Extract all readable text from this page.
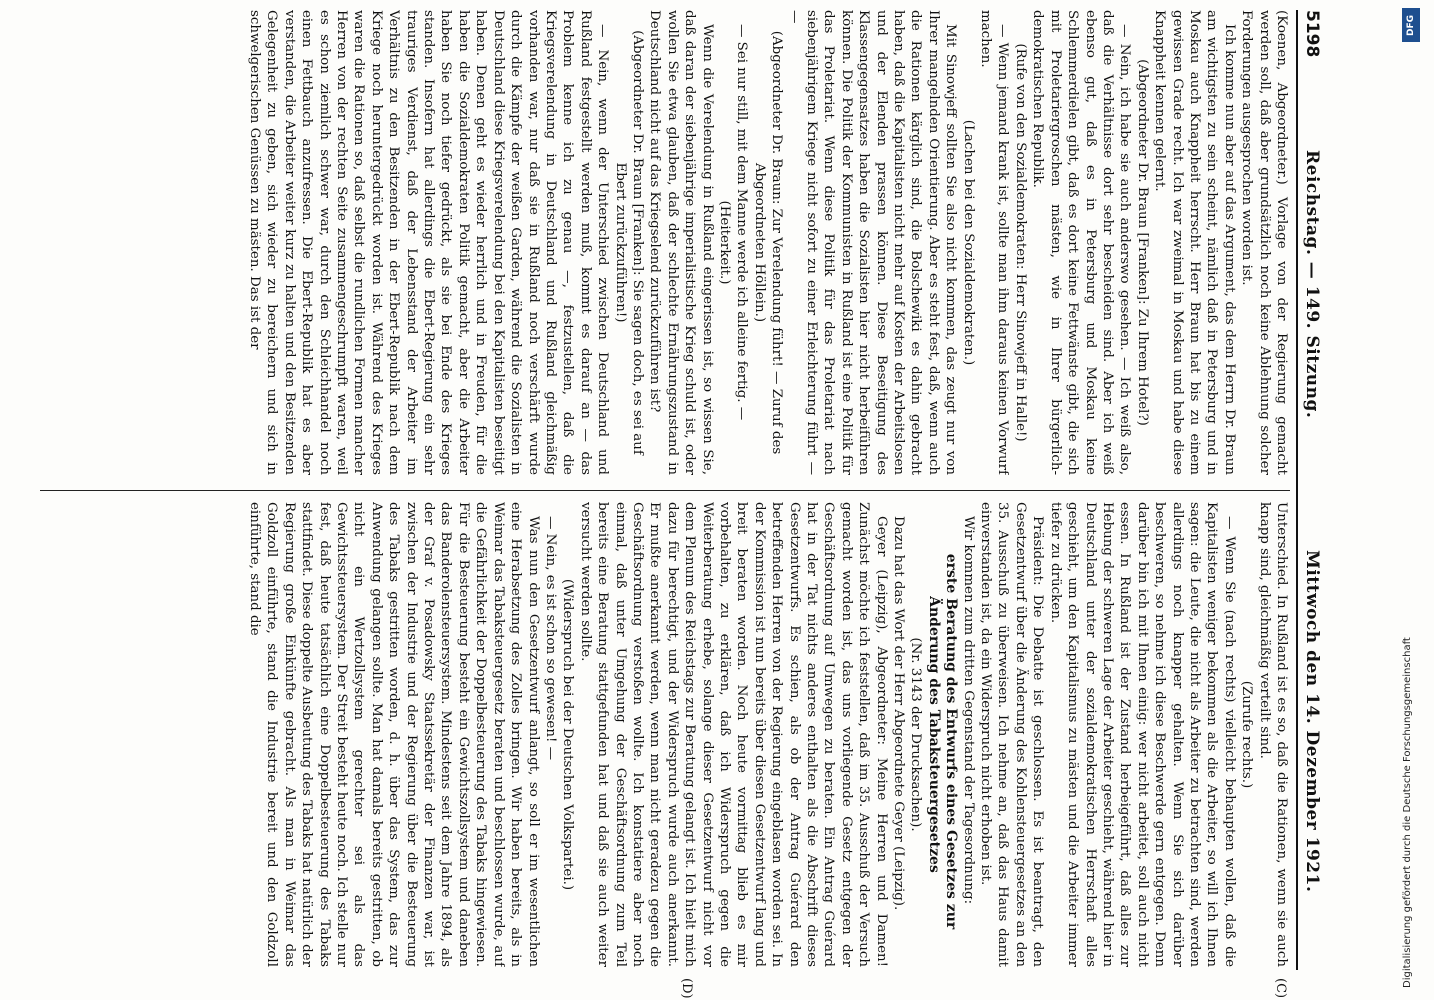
5198
Reichstag. — 149. Sitzung.
Mittwoch den 14. Dezember 1921.
(C)
(D)

(Koenen, Abgeordneter.) Vorlage von der Regierung gemacht werden soll, daß aber grundsätzlich noch keine Ablehnung solcher Forderungen ausgesprochen worden ist.

Ich komme nun aber auf das Argument, das dem Herrn Dr. Braun am wichtigsten zu sein scheint, nämlich daß in Petersburg und in Moskau auch Knappheit herrscht. Herr Braun hat bis zu einem gewissen Grade recht. Ich war zweimal in Moskau und habe diese Knappheit kennen gelernt.

(Abgeordneter Dr. Braun [Franken]: Zu Ihrem Hotel?)

— Nein, ich habe sie auch anderswo gesehen. — Ich weiß also, daß die Verhältnisse dort sehr bescheiden sind. Aber ich weiß ebenso gut, daß es in Petersburg und Moskau keine Schlemmerdielen gibt, daß es dort keine Fettwänste gibt, die sich mit Proletariergroschen mästen, wie in Ihrer bürgerlich-demokratischen Republik.

(Rufe von den Sozialdemokraten: Herr Sinowjeff in Halle!)

— Wenn jemand krank ist, sollte man ihm daraus keinen Vorwurf machen.

(Lachen bei den Sozialdemokraten.)

Mit Sinowjeff sollten Sie also nicht kommen, das zeugt nur von Ihrer mangelnden Orientierung. Aber es steht fest, daß, wenn auch die Rationen kärglich sind, die Bolschewiki es dahin gebracht haben, daß die Kapitalisten nicht mehr auf Kosten der Arbeitslosen und der Elenden prassen können. Diese Beseitigung des Klassengegensatzes haben die Sozialisten hier nicht herbeiführen können. Die Politik der Kommunisten in Rußland ist eine Politik für das Proletariat. Wenn diese Politik für das Proletariat nach siebenjährigem Kriege nicht sofort zu einer Erleichterung führt — —

(Abgeordneter Dr. Braun: Zur Verelendung führt! — Zuruf des Abgeordneten Höllein.)

— Sei nur still, mit dem Manne werde ich alleine fertig. —

(Heiterkeit.)

Wenn die Verelendung in Rußland eingerissen ist, so wissen Sie, daß daran der siebenjährige imperialistische Krieg schuld ist, oder wollen Sie etwa glauben, daß der schlechte Ernährungszustand in Deutschland nicht auf das Kriegselend zurückzuführen ist?

(Abgeordneter Dr. Braun [Franken]: Sie sagen doch, es sei auf Ebert zurückzuführen!)

— Nein, wenn der Unterschied zwischen Deutschland und Rußland festgestellt werden muß, kommt es darauf an — das Problem kenne ich zu genau —, festzustellen, daß die Kriegsverelendung in Deutschland und Rußland gleichmäßig vorhanden war, nur daß sie in Rußland noch verschärft wurde durch die Kämpfe der weißen Garden, während die Sozialisten in Deutschland diese Kriegsverelendung bei den Kapitalisten beseitigt haben. Denen geht es wieder herrlich und in Freuden, für die haben die Sozialdemokraten Politik gemacht, aber die Arbeiter haben Sie noch tiefer gedrückt, als sie bei Ende des Krieges standen. Insofern hat allerdings die Ebert-Regierung ein sehr trauriges Verdienst, daß der Lebensstand der Arbeiter im Verhältnis zu den Besitzenden in der Ebert-Republik nach dem Kriege noch heruntergedrückt worden ist. Während des Krieges waren die Rationen so, daß selbst die rundlichen Formen mancher Herren von der rechten Seite zusammengeschrumpft waren, weil es schon ziemlich schwer war, durch den Schleichhandel noch einen Fettbauch anzufressen. Die Ebert-Republik hat es aber verstanden, die Arbeiter weiter kurz zu halten und den Besitzenden Gelegenheit zu geben, sich wieder zu bereichern und sich in schwelgerischen Genüssen zu mästen. Das ist der

Unterschied. In Rußland ist es so, daß die Rationen, wenn sie auch knapp sind, gleichmäßig verteilt sind.

(Zurufe rechts.)

— Wenn Sie (nach rechts) vielleicht behaupten wollen, daß die Kapitalisten weniger bekommen als die Arbeiter, so will ich Ihnen sagen: die Leute, die nicht als Arbeiter zu betrachten sind, werden allerdings noch knapper gehalten. Wenn Sie sich darüber beschweren, so nehme ich diese Beschwerde gern entgegen. Denn darüber bin ich mit Ihnen einig: wer nicht arbeitet, soll auch nicht essen. In Rußland ist der Zustand herbeigeführt, daß alles zur Hebung der schweren Lage der Arbeiter geschieht, während hier in Deutschland unter der sozialdemokratischen Herrschaft alles geschieht, um den Kapitalismus zu mästen und die Arbeiter immer tiefer zu drücken.

Präsident: Die Debatte ist geschlossen. Es ist beantragt, den Gesetzentwurf über die Änderung des Kohlensteuergesetzes an den 35. Ausschuß zu überweisen. Ich nehme an, daß das Haus damit einverstanden ist, da ein Widerspruch nicht erhoben ist.

Wir kommen zum dritten Gegenstand der Tagesordnung:

erste Beratung des Entwurfs eines Gesetzes zur Änderung des Tabaksteuergesetzes

(Nr. 3143 der Drucksachen).

Dazu hat das Wort der Herr Abgeordnete Geyer (Leipzig).

Geyer (Leipzig), Abgeordneter: Meine Herren und Damen! Zunächst möchte ich feststellen, daß im 35. Ausschuß der Versuch gemacht worden ist, das uns vorliegende Gesetz entgegen der Geschäftsordnung auf Umwegen zu beraten. Ein Antrag Guérard hat in der Tat nichts anderes enthalten als die Abschrift dieses Gesetzentwurfs. Es schien, als ob der Antrag Guérard den betreffenden Herren von der Regierung eingeblasen worden sei. In der Kommission ist nun bereits über diesen Gesetzentwurf lang und breit beraten worden. Noch heute vormittag blieb es mir vorbehalten, zu erklären, daß ich Widerspruch gegen die Weiterberatung erhebe, solange dieser Gesetzentwurf nicht vor dem Plenum des Reichstags zur Beratung gelangt ist. Ich hielt mich dazu für berechtigt, und der Widerspruch wurde auch anerkannt. Er mußte anerkannt werden, wenn man nicht geradezu gegen die Geschäftsordnung verstoßen wollte. Ich konstatiere aber noch einmal, daß unter Umgehung der Geschäftsordnung zum Teil bereits eine Beratung stattgefunden hat und daß sie auch weiter versucht werden sollte.

(Widerspruch bei der Deutschen Volkspartei.)

— Nein, es ist schon so gewesen! —

Was nun den Gesetzentwurf anlangt, so soll er im wesentlichen eine Herabsetzung des Zolles bringen. Wir haben bereits, als in Weimar das Tabaksteuergesetz beraten und beschlossen wurde, auf die Gefährlichkeit der Doppelbesteuerung des Tabaks hingewiesen. Für die Besteuerung besteht ein Gewichtszollsystem und daneben das Banderolensteuersystem. Mindestens seit dem Jahre 1894, als der Graf v. Posadowsky Staatssekretär der Finanzen war, ist zwischen der Industrie und der Regierung über die Besteuerung des Tabaks gestritten worden, d. h. über das System, das zur Anwendung gelangen sollte. Man hat damals bereits gestritten, ob nicht ein Wertzollsystem gerechter sei als das Gewichtssteuersystem. Der Streit besteht heute noch. Ich stelle nur fest, daß heute tatsächlich eine Doppelbesteuerung des Tabaks stattfindet. Diese doppelte Ausbeutung des Tabaks hat natürlich der Regierung große Einkünfte gebracht. Als man in Weimar das Goldzoll einführte, stand die Industrie bereit und den Goldzoll einführte, stand die

DFG
Digitalisierung gefördert durch die Deutsche Forschungsgemeinschaft
